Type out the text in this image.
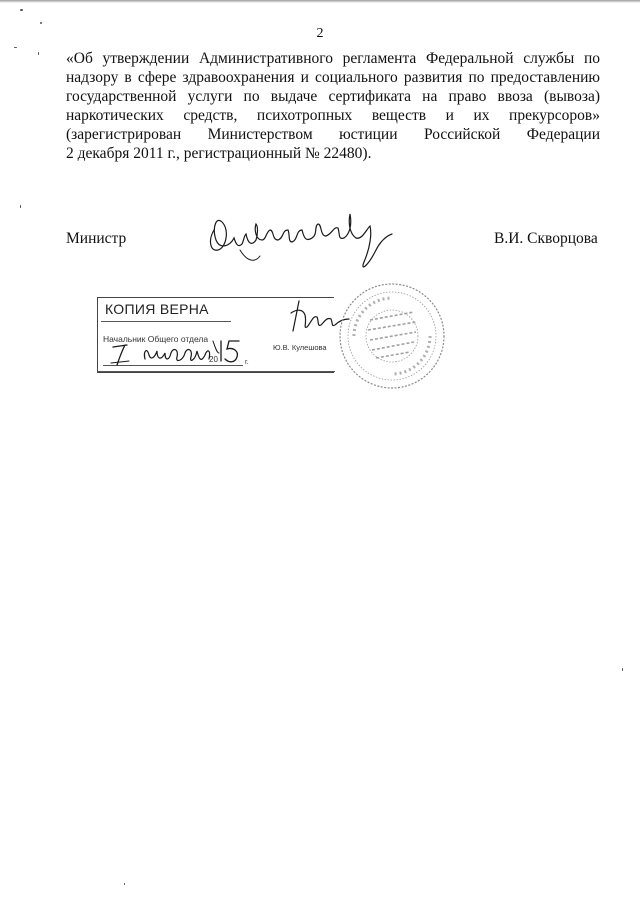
2
«Об утверждении Административного регламента Федеральной службы по
надзору в сфере здравоохранения и социального развития по предоставлению
государственной услуги по выдаче сертификата на право ввоза (вывоза)
наркотических средств, психотропных веществ и их прекурсоров»
(зарегистрирован Министерством юстиции Российской Федерации
2 декабря 2011 г., регистрационный № 22480).
Министр	В.И. Скворцова
КОПИЯ ВЕРНА
Начальник Общего отдела
Ю.В. Кулешова
20	г.
